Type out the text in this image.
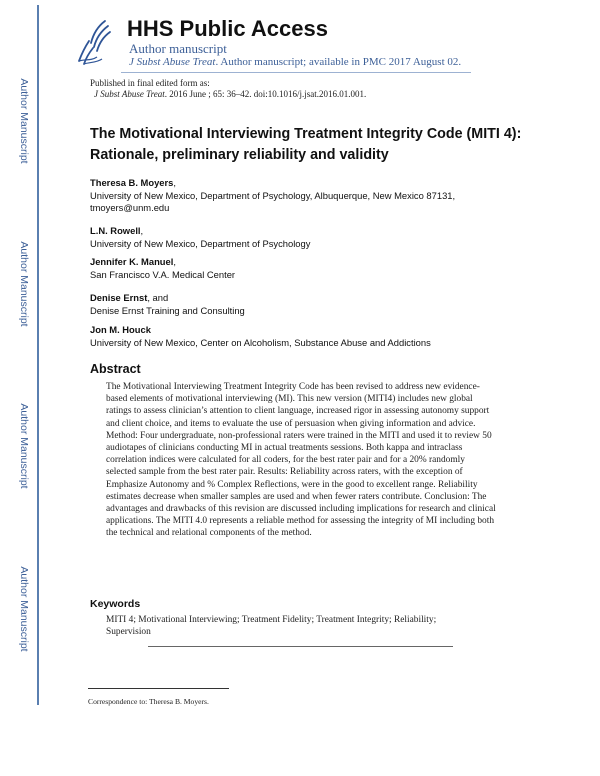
Author Manuscript
Author Manuscript
Author Manuscript
Author Manuscript
HHS Public Access
Author manuscript
J Subst Abuse Treat. Author manuscript; available in PMC 2017 August 02.
Published in final edited form as:
J Subst Abuse Treat. 2016 June ; 65: 36–42. doi:10.1016/j.jsat.2016.01.001.
The Motivational Interviewing Treatment Integrity Code (MITI 4): Rationale, preliminary reliability and validity
Theresa B. Moyers,
University of New Mexico, Department of Psychology, Albuquerque, New Mexico 87131, tmoyers@unm.edu
L.N. Rowell,
University of New Mexico, Department of Psychology
Jennifer K. Manuel,
San Francisco V.A. Medical Center
Denise Ernst, and
Denise Ernst Training and Consulting
Jon M. Houck
University of New Mexico, Center on Alcoholism, Substance Abuse and Addictions
Abstract
The Motivational Interviewing Treatment Integrity Code has been revised to address new evidence-based elements of motivational interviewing (MI). This new version (MITI4) includes new global ratings to assess clinician’s attention to client language, increased rigor in assessing autonomy support and client choice, and items to evaluate the use of persuasion when giving information and advice. Method: Four undergraduate, non-professional raters were trained in the MITI and used it to review 50 audiotapes of clinicians conducting MI in actual treatments sessions. Both kappa and intraclass correlation indices were calculated for all coders, for the best rater pair and for a 20% randomly selected sample from the best rater pair. Results: Reliability across raters, with the exception of Emphasize Autonomy and % Complex Reflections, were in the good to excellent range. Reliability estimates decrease when smaller samples are used and when fewer raters contribute. Conclusion: The advantages and drawbacks of this revision are discussed including implications for research and clinical applications. The MITI 4.0 represents a reliable method for assessing the integrity of MI including both the technical and relational components of the method.
Keywords
MITI 4; Motivational Interviewing; Treatment Fidelity; Treatment Integrity; Reliability; Supervision
Correspondence to: Theresa B. Moyers.
